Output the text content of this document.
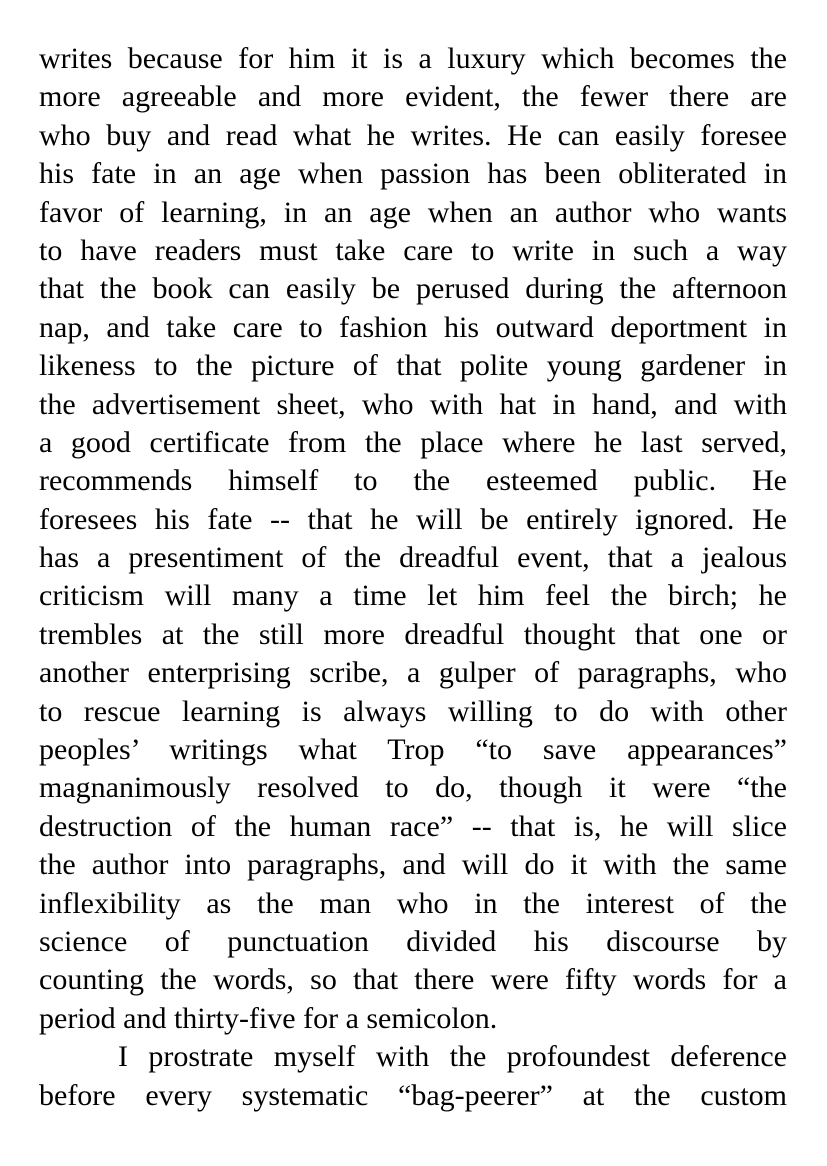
writes because for him it is a luxury which becomes the
more agreeable and more evident, the fewer there are
who buy and read what he writes. He can easily foresee
his fate in an age when passion has been obliterated in
favor of learning, in an age when an author who wants
to have readers must take care to write in such a way
that the book can easily be perused during the afternoon
nap, and take care to fashion his outward deportment in
likeness to the picture of that polite young gardener in
the advertisement sheet, who with hat in hand, and with
a good certificate from the place where he last served,
recommends himself to the esteemed public. He
foresees his fate -- that he will be entirely ignored. He
has a presentiment of the dreadful event, that a jealous
criticism will many a time let him feel the birch; he
trembles at the still more dreadful thought that one or
another enterprising scribe, a gulper of paragraphs, who
to rescue learning is always willing to do with other
peoples’ writings what Trop “to save appearances”
magnanimously resolved to do, though it were “the
destruction of the human race” -- that is, he will slice
the author into paragraphs, and will do it with the same
inflexibility as the man who in the interest of the
science of punctuation divided his discourse by
counting the words, so that there were fifty words for a
period and thirty-five for a semicolon.
I prostrate myself with the profoundest deference
before every systematic “bag-peerer” at the custom
